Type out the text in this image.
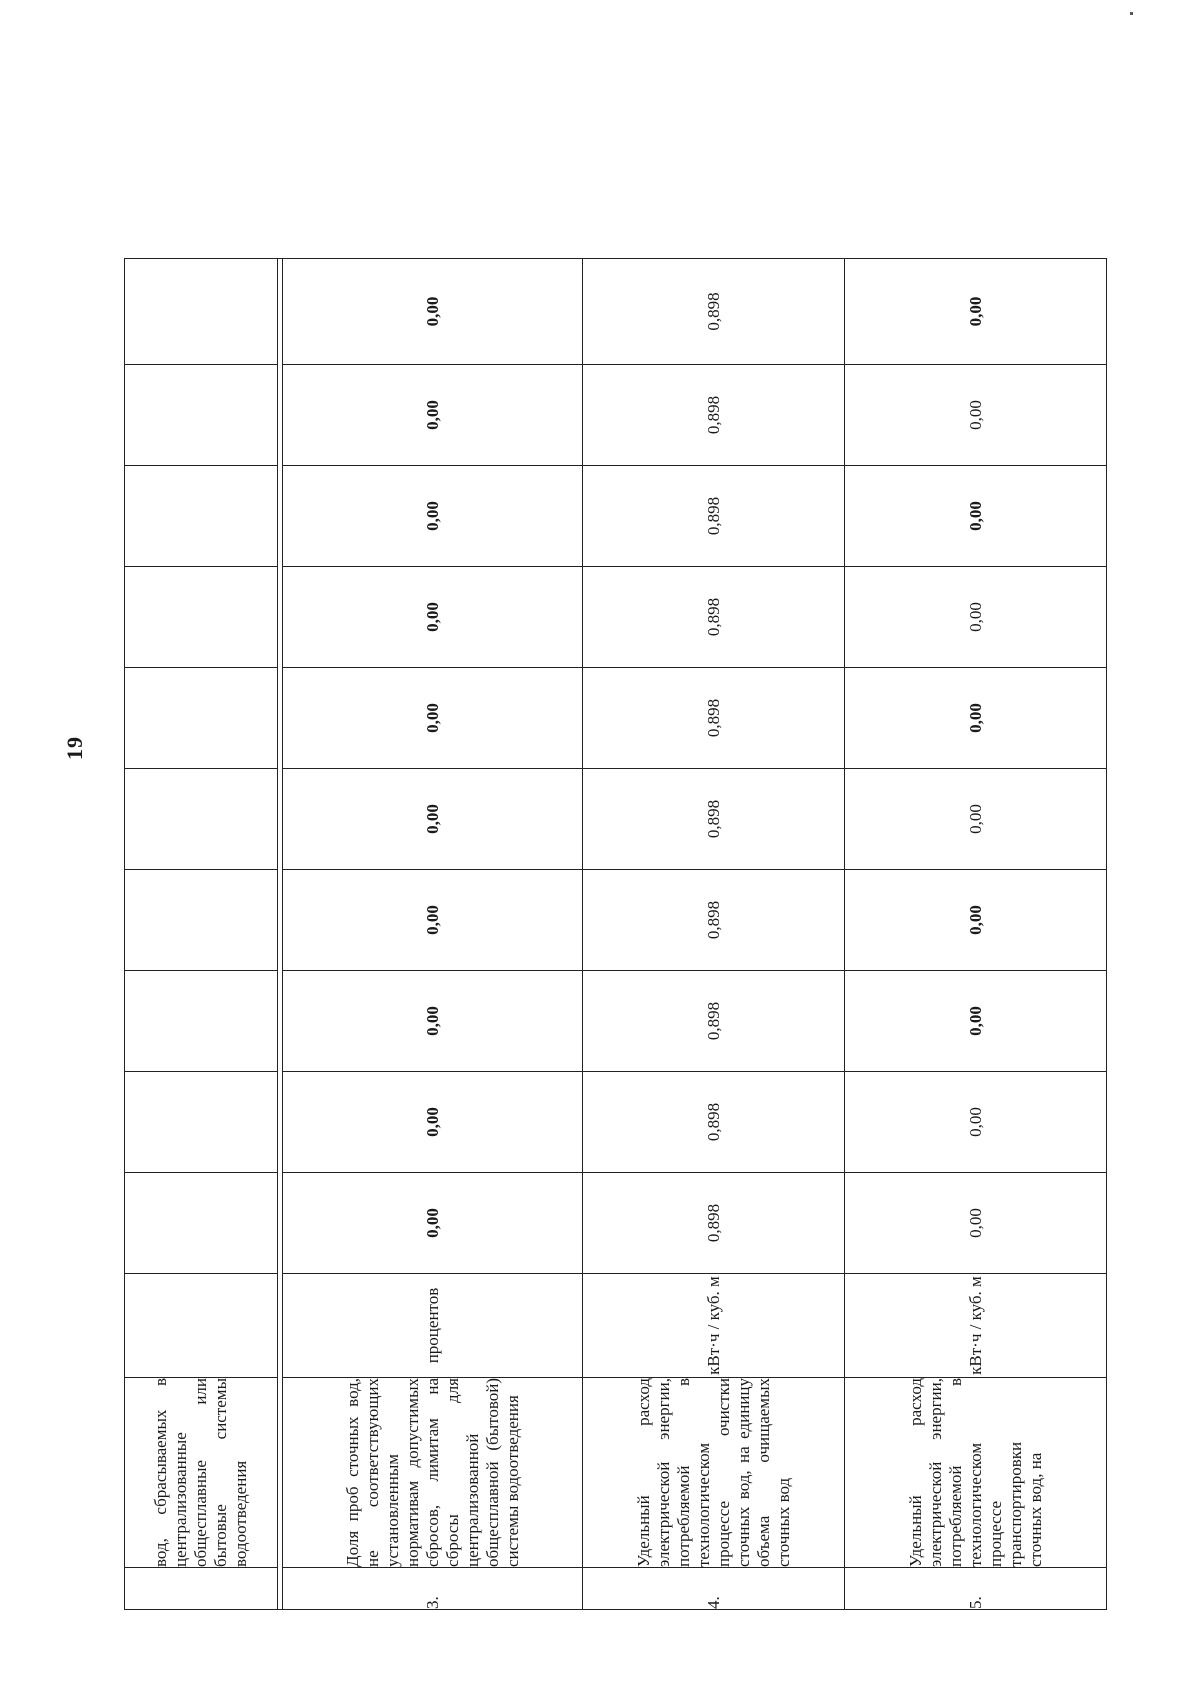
19
	вод, сбрасываемых в централизованные общесплавные или бытовые системы водоотведения											

3.	Доля проб сточных вод, не соответствующих установленным нормативам допустимых сбросов, лимитам на сбросы для централизованной общесплавной (бытовой) системы водоотведения	процентов	0,00	0,00	0,00	0,00	0,00	0,00	0,00	0,00	0,00	0,00
4.	Удельный расход электрической энергии, потребляемой в технологическом процессе очистки сточных вод, на единицу объема очищаемых сточных вод	кВт·ч / куб. м	0,898	0,898	0,898	0,898	0,898	0,898	0,898	0,898	0,898	0,898
5.	Удельный расход электрической энергии, потребляемой в технологическом процессе транспортировки сточных вод, на	кВт·ч / куб. м	0,00	0,00	0,00	0,00	0,00	0,00	0,00	0,00	0,00	0,00
